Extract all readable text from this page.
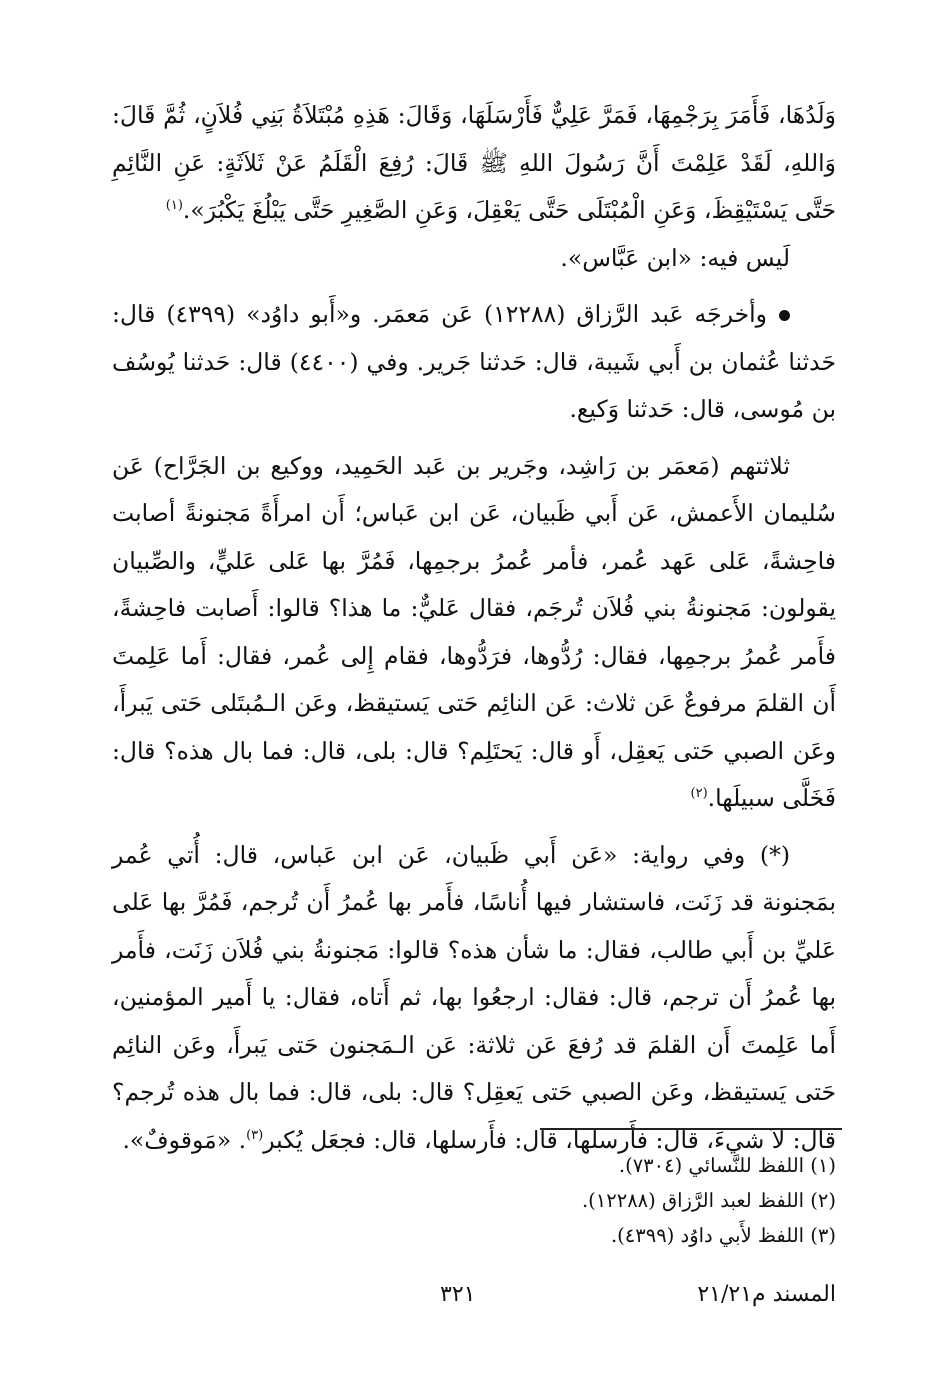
وَلَدُهَا، فَأَمَرَ بِرَجْمِهَا، فَمَرَّ عَلِيٌّ فَأَرْسَلَهَا، وَقَالَ: هَذِهِ مُبْتَلاَةُ بَنِي فُلاَنٍ، ثُمَّ قَالَ: وَاللهِ، لَقَدْ عَلِمْتَ أَنَّ رَسُولَ اللهِ ﷺ قَالَ: رُفِعَ الْقَلَمُ عَنْ ثَلاَثَةٍ: عَنِ النَّائِمِ حَتَّى يَسْتَيْقِظَ، وَعَنِ الْمُبْتَلَى حَتَّى يَعْقِلَ، وَعَنِ الصَّغِيرِ حَتَّى يَبْلُغَ يَكْبُرَ».$^{(١)}$

لَيس فيه: «ابن عَبَّاس».

وأخرجَه عَبد الرَّزاق (١٢٢٨٨) عَن مَعمَر. و«أَبو داوُد» (٤٣٩٩) قال: حَدثنا عُثمان بن أَبي شَيبة، قال: حَدثنا جَرير. وفي (٤٤٠٠) قال: حَدثنا يُوسُف بن مُوسى، قال: حَدثنا وَكيع.

ثلاثتهم (مَعمَر بن رَاشِد، وجَرير بن عَبد الحَمِيد، ووكيع بن الجَرَّاح) عَن سُليمان الأَعمش، عَن أَبي ظَبيان، عَن ابن عَباس؛ أَن امرأَةً مَجنونةً أصابت فاحِشةً، عَلى عَهد عُمر، فأمر عُمرُ برجمِها، فَمُرَّ بها عَلى عَليٍّ، والصِّبيان يقولون: مَجنونةُ بني فُلاَن تُرجَم، فقال عَليٌّ: ما هذا؟ قالوا: أَصابت فاحِشةً، فأَمر عُمرُ برجمِها، فقال: رُدُّوها، فرَدُّوها، فقام إِلى عُمر، فقال: أَما عَلِمتَ أَن القلمَ مرفوعٌ عَن ثلاث: عَن النائِم حَتى يَستيقظ، وعَن الـمُبتَلى حَتى يَبرأَ، وعَن الصبي حَتى يَعقِل، أَو قال: يَحتَلِم؟ قال: بلى، قال: فما بال هذه؟ قال: فَخَلَّى سبيلَها.$^{(٢)}$

(*) وفي رواية: «عَن أَبي ظَبيان، عَن ابن عَباس، قال: أُتي عُمر بمَجنونة قد زَنَت، فاستشار فيها أُناسًا، فأَمر بها عُمرُ أَن تُرجم، فَمُرَّ بها عَلى عَليِّ بن أَبي طالب، فقال: ما شأن هذه؟ قالوا: مَجنونةُ بني فُلاَن زَنَت، فأَمر بها عُمرُ أَن ترجم، قال: فقال: ارجعُوا بها، ثم أَتاه، فقال: يا أَمير المؤمنين، أَما عَلِمتَ أَن القلمَ قد رُفعَ عَن ثلاثة: عَن الـمَجنون حَتى يَبرأَ، وعَن النائِم حَتى يَستيقظ، وعَن الصبي حَتى يَعقِل؟ قال: بلى، قال: فما بال هذه تُرجم؟ قال: لاَ شيءَ، قال: فأَرسلها، قال: فأَرسلها، قال: فجعَل يُكبر$^{(٣)}$. «مَوقوفٌ».

(١) اللفظ للنَّسائي (٧٣٠٤).

(٢) اللفظ لعبد الرَّزاق (١٢٢٨٨).

(٣) اللفظ لأَبي داوُد (٤٣٩٩).

المسند م٢١/٢١
٣٢١
